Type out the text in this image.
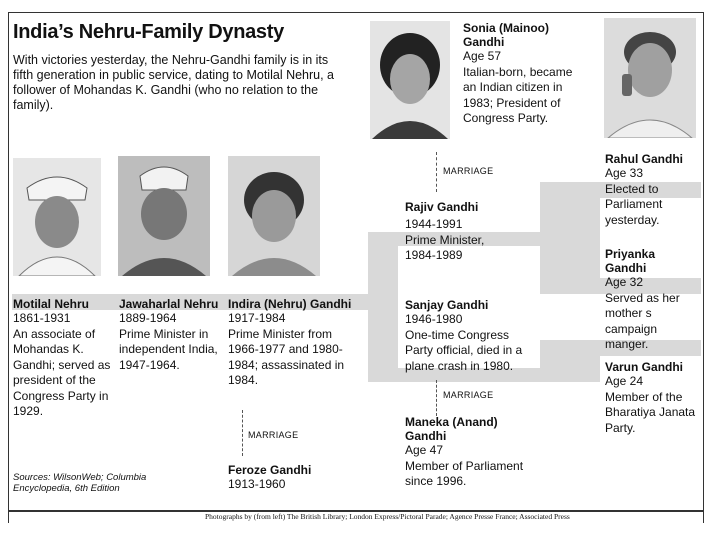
India’s Nehru-Family Dynasty
With victories yesterday, the Nehru-Gandhi family is in its fifth generation in public service, dating to Motilal Nehru, a follower of Mohandas K. Gandhi (who no relation to the family).
Motilal Nehru
1861-1931
An associate of Mohandas K. Gandhi; served as president of the Congress Party in 1929.
Jawaharlal Nehru
1889-1964
Prime Minister in independent India, 1947-1964.
Indira (Nehru) Gandhi
1917-1984
Prime Minister from 1966-1977 and 1980-1984; assassinated in 1984.
MARRIAGE
Feroze Gandhi
1913-1960
Sonia (Mainoo) Gandhi
Age 57
Italian-born, became an Indian citizen in 1983; President of Congress Party.
MARRIAGE
Rajiv Gandhi
1944-1991
Prime Minister, 1984-1989
Sanjay Gandhi
1946-1980
One-time Congress Party official, died in a plane crash in 1980.
MARRIAGE
Maneka (Anand) Gandhi
Age 47
Member of Parliament since 1996.
Rahul Gandhi
Age 33
Elected to Parliament yesterday.
Priyanka Gandhi
Age 32
Served as her mother s campaign manger.
Varun Gandhi
Age 24
Member of the Bharatiya Janata Party.
Sources: WilsonWeb; Columbia Encyclopedia, 6th Edition
Photographs by (from left) The British Library; London Express/Pictoral Parade; Agence Presse France; Associated Press
